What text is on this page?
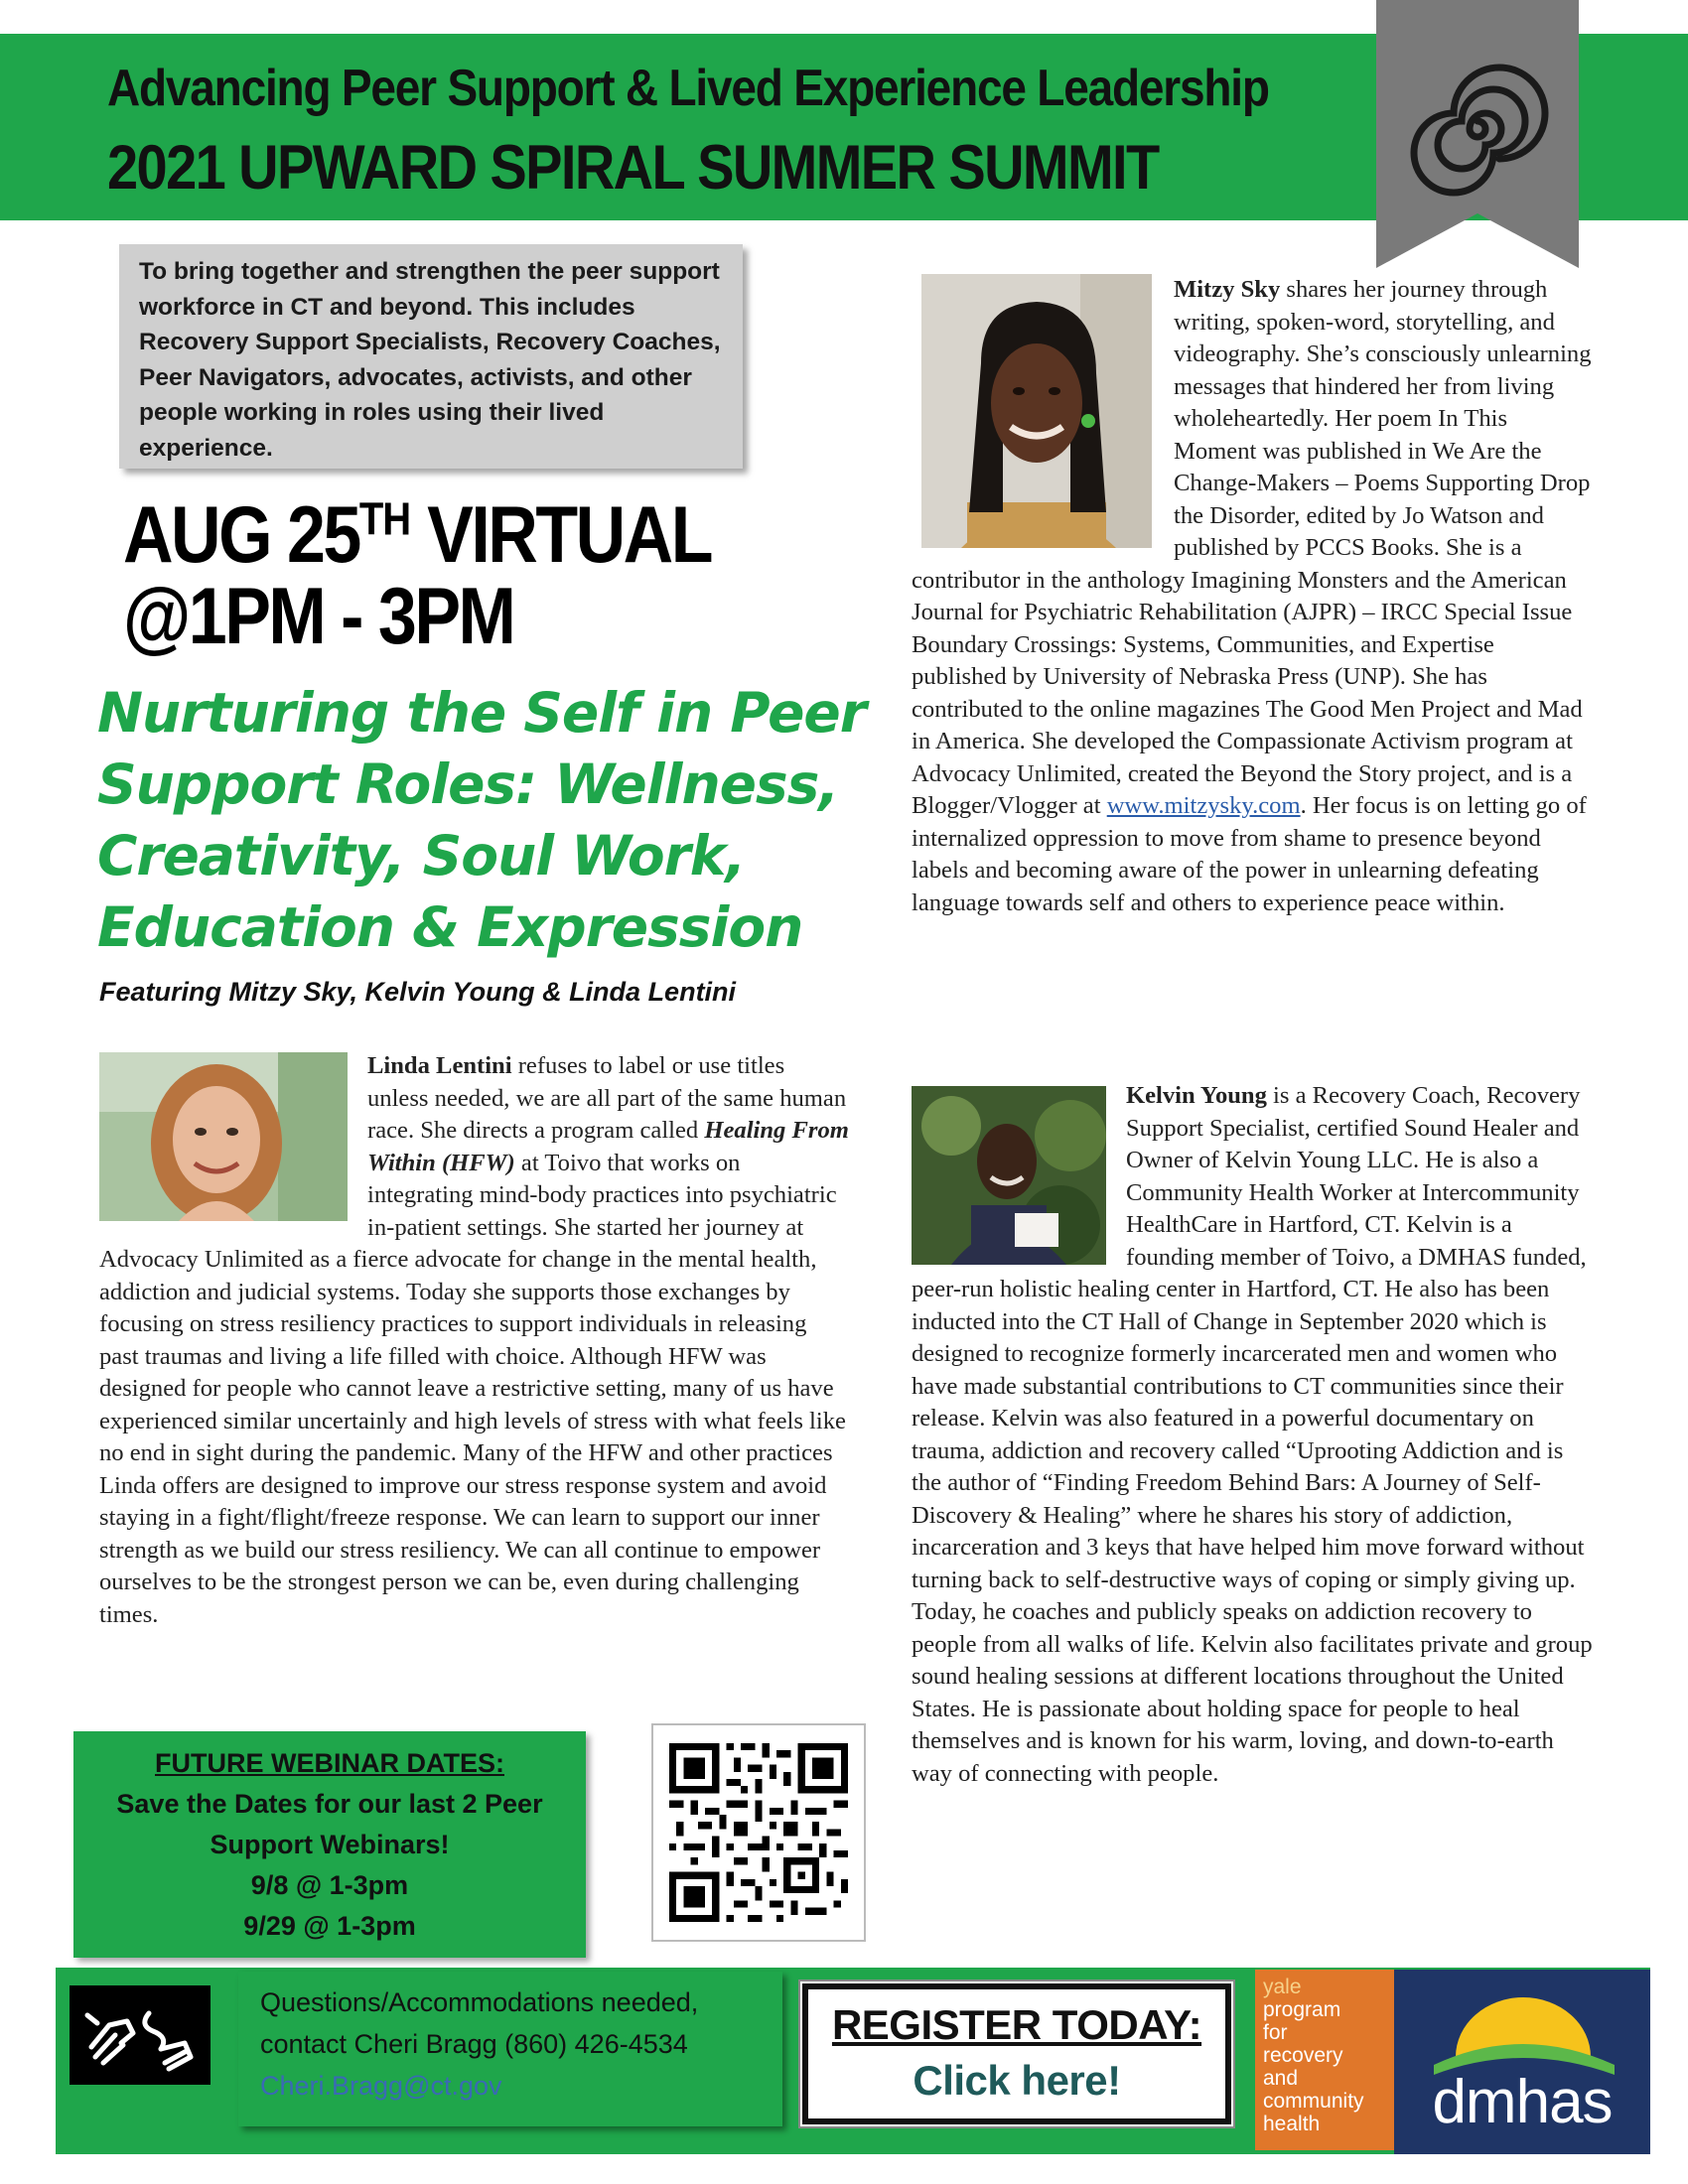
Advancing Peer Support & Lived Experience Leadership
2021 UPWARD SPIRAL SUMMER SUMMIT
To bring together and strengthen the peer support workforce in CT and beyond. This includes Recovery Support Specialists, Recovery Coaches, Peer Navigators, advocates, activists, and other people working in roles using their lived experience.
AUG 25TH VIRTUAL
@1PM - 3PM
Nurturing the Self in Peer Support Roles: Wellness, Creativity, Soul Work, Education & Expression
Featuring Mitzy Sky, Kelvin Young & Linda Lentini
Linda Lentini
refuses to label or use titles unless needed, we are all part of the same human race. She directs a program called Healing From Within (HFW) at Toivo that works on integrating mind-body practices into psychiatric in-patient settings. She started her journey at Advocacy Unlimited as a fierce advocate for change in the mental health, addiction and judicial systems. Today she supports those exchanges by focusing on stress resiliency practices to support individuals in releasing past traumas and living a life filled with choice. Although HFW was designed for people who cannot leave a restrictive setting, many of us have experienced similar uncertainly and high levels of stress with what feels like no end in sight during the pandemic. Many of the HFW and other practices Linda offers are designed to improve our stress response system and avoid staying in a fight/flight/freeze response. We can learn to support our inner strength as we build our stress resiliency. We can all continue to empower ourselves to be the strongest person we can be, even during challenging times.
Mitzy Sky shares her journey through writing, spoken-word, storytelling, and videography. She’s consciously unlearning messages that hindered her from living wholeheartedly. Her poem In This Moment was published in We Are the Change-Makers – Poems Supporting Drop the Disorder, edited by Jo Watson and published by PCCS Books. She is a contributor in the anthology Imagining Monsters and the American Journal for Psychiatric Rehabilitation (AJPR) – IRCC Special Issue Boundary Crossings: Systems, Communities, and Expertise published by University of Nebraska Press (UNP). She has contributed to the online magazines The Good Men Project and Mad in America. She developed the Compassionate Activism program at Advocacy Unlimited, created the Beyond the Story project, and is a Blogger/Vlogger at www.mitzysky.com. Her focus is on letting go of internalized oppression to move from shame to presence beyond labels and becoming aware of the power in unlearning defeating language towards self and others to experience peace within.
Kelvin Young
is a Recovery Coach, Recovery Support Specialist, certified Sound Healer and Owner of Kelvin Young LLC. He is also a Community Health Worker at Intercommunity HealthCare in Hartford, CT. Kelvin is a founding member of Toivo, a DMHAS funded, peer-run holistic healing center in Hartford, CT. He also has been inducted into the CT Hall of Change in September 2020 which is designed to recognize formerly incarcerated men and women who have made substantial contributions to CT communities since their release. Kelvin was also featured in a powerful documentary on trauma, addiction and recovery called “Uprooting Addiction and is the author of “Finding Freedom Behind Bars: A Journey of Self-Discovery & Healing” where he shares his story of addiction, incarceration and 3 keys that have helped him move forward without turning back to self-destructive ways of coping or simply giving up. Today, he coaches and publicly speaks on addiction recovery to people from all walks of life. Kelvin also facilitates private and group sound healing sessions at different locations throughout the United States. He is passionate about holding space for people to heal themselves and is known for his warm, loving, and down-to-earth way of connecting with people.
FUTURE WEBINAR DATES:
Save the Dates for our last 2 Peer
Support Webinars!
9/8 @ 1-3pm
9/29 @ 1-3pm
Questions/Accommodations needed,
contact Cheri Bragg (860) 426-4534
Cheri.Bragg@ct.gov
REGISTER TODAY:
Click here!
yale
program
for
recovery
and
community
health	dmhas
